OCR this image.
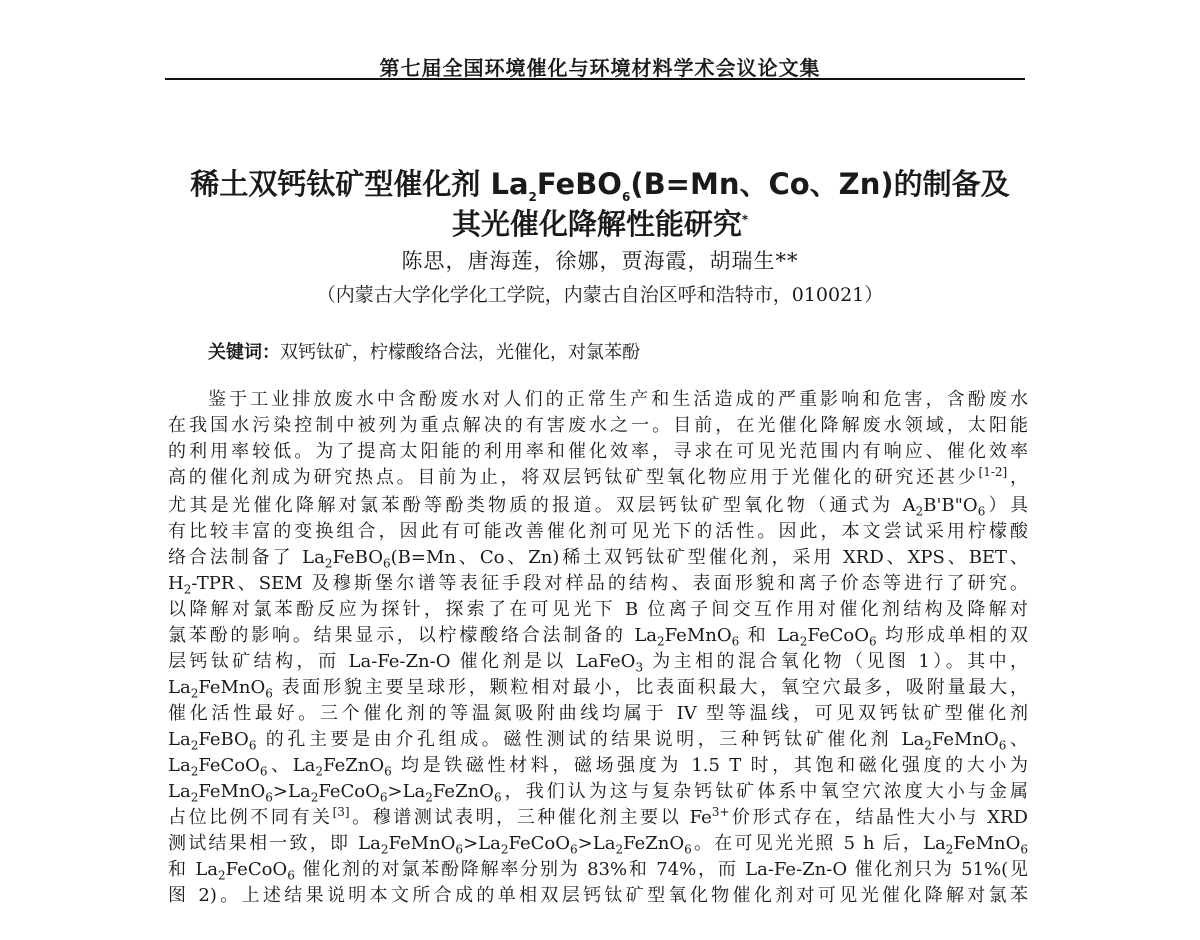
第七届全国环境催化与环境材料学术会议论文集
稀土双钙钛矿型催化剂 $La_2FeBO_6(B=Mn$、Co、Zn)的制备及
其光催化降解性能研究*
陈思，唐海莲，徐娜，贾海霞，胡瑞生**
（内蒙古大学化学化工学院，内蒙古自治区呼和浩特市，010021）
关键词：双钙钛矿，柠檬酸络合法，光催化，对氯苯酚
鉴于工业排放废水中含酚废水对人们的正常生产和生活造成的严重影响和危害，含酚废水
在我国水污染控制中被列为重点解决的有害废水之一。目前，在光催化降解废水领域，太阳能
的利用率较低。为了提高太阳能的利用率和催化效率，寻求在可见光范围内有响应、催化效率
高的催化剂成为研究热点。目前为止，将双层钙钛矿型氧化物应用于光催化的研究还甚少[1-2]，
尤其是光催化降解对氯苯酚等酚类物质的报道。双层钙钛矿型氧化物（通式为 $A_2B'B"O_6$）具
有比较丰富的变换组合，因此有可能改善催化剂可见光下的活性。因此，本文尝试采用柠檬酸
络合法制备了 $La_2FeBO_6(B=Mn$、Co、Zn)稀土双钙钛矿型催化剂，采用 XRD、XPS、BET、
$H_2$-TPR、SEM 及穆斯堡尔谱等表征手段对样品的结构、表面形貌和离子价态等进行了研究。
以降解对氯苯酚反应为探针，探索了在可见光下 B 位离子间交互作用对催化剂结构及降解对
氯苯酚的影响。结果显示，以柠檬酸络合法制备的 $La_2FeMnO_6$ 和 $La_2FeCoO_6$ 均形成单相的双
层钙钛矿结构，而 La-Fe-Zn-O 催化剂是以 LaFeO$_3$ 为主相的混合氧化物（见图 1）。其中，
$La_2FeMnO_6$ 表面形貌主要呈球形，颗粒相对最小，比表面积最大，氧空穴最多，吸附量最大，
催化活性最好。三个催化剂的等温氮吸附曲线均属于 IV 型等温线，可见双钙钛矿型催化剂
$La_2FeBO_6$ 的孔主要是由介孔组成。磁性测试的结果说明，三种钙钛矿催化剂 $La_2FeMnO_6$、
$La_2FeCoO_6$、$La_2FeZnO_6$ 均是铁磁性材料，磁场强度为 1.5 T 时，其饱和磁化强度的大小为
$La_2FeMnO_6>La_2FeCoO_6>La_2FeZnO_6$，我们认为这与复杂钙钛矿体系中氧空穴浓度大小与金属
占位比例不同有关[3]。穆谱测试表明，三种催化剂主要以 $Fe^{3+}$价形式存在，结晶性大小与 XRD
测试结果相一致，即 $La_2FeMnO_6>La_2FeCoO_6>La_2FeZnO_6$。在可见光光照 5 h 后，$La_2FeMnO_6$
和 $La_2FeCoO_6$ 催化剂的对氯苯酚降解率分别为 83%和 74%，而 La-Fe-Zn-O 催化剂只为 51%(见
图 2)。上述结果说明本文所合成的单相双层钙钛矿型氧化物催化剂对可见光催化降解对氯苯
